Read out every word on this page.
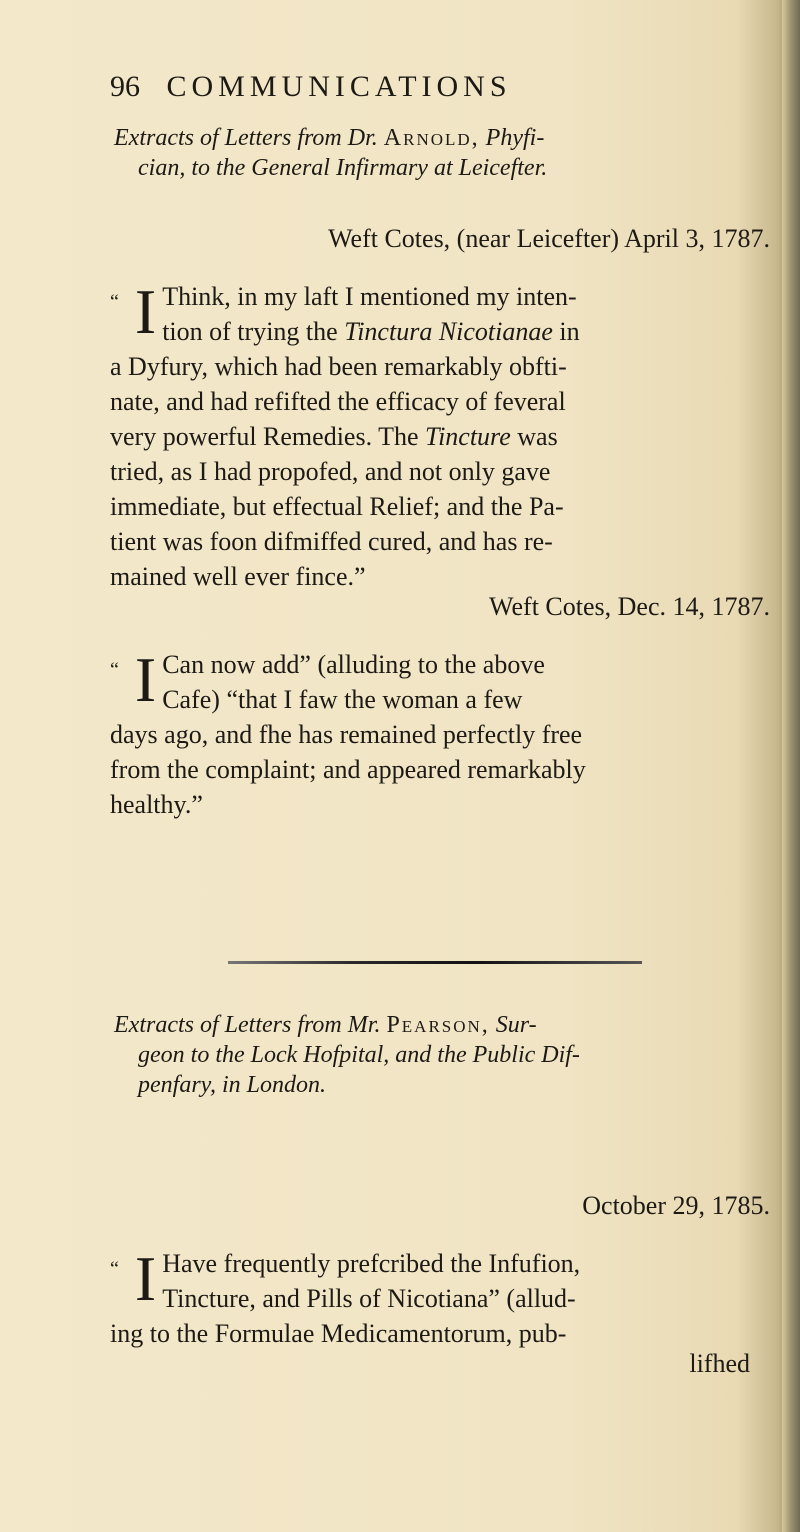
96 COMMUNICATIONS
Extracts of Letters from Dr. Arnold, Phyfi-
cian, to the General Infirmary at Leicefter.
Weft Cotes, (near Leicefter) April 3, 1787.
“ I Think, in my laft I mentioned my inten-
tion of trying the Tinctura Nicotianae in
a Dyfury, which had been remarkably obfti-
nate, and had refifted the efficacy of feveral
very powerful Remedies. The Tincture was
tried, as I had propofed, and not only gave
immediate, but effectual Relief; and the Pa-
tient was foon difmiffed cured, and has re-
mained well ever fince.”
Weft Cotes, Dec. 14, 1787.
“ I Can now add” (alluding to the above
Cafe) “that I faw the woman a few
days ago, and fhe has remained perfectly free
from the complaint; and appeared remarkably
healthy.”
Extracts of Letters from Mr. Pearson, Sur-
geon to the Lock Hofpital, and the Public Dif-
penfary, in London.
October 29, 1785.
“ I Have frequently prefcribed the Infufion,
Tincture, and Pills of Nicotiana” (allud-
ing to the Formulae Medicamentorum, pub-
lifhed
